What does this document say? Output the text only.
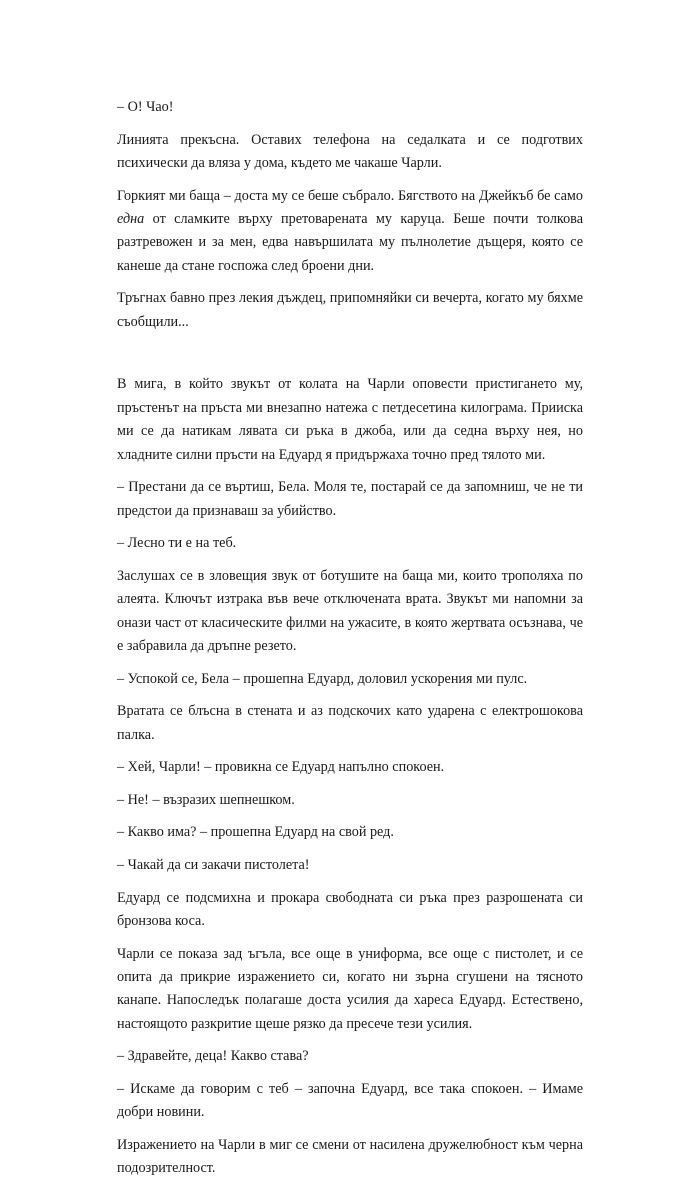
– О! Чао!

Линията прекъсна. Оставих телефона на седалката и се подготвих психически да вляза у дома, където ме чакаше Чарли.

Горкият ми баща – доста му се беше събрало. Бягството на Джейкъб бе само една от сламките върху претоварената му каруца. Беше почти толкова разтревожен и за мен, едва навършилата му пълнолетие дъщеря, която се канеше да стане госпожа след броени дни.

Тръгнах бавно през лекия дъждец, припомняйки си вечерта, когато му бяхме съобщили...

В мига, в който звукът от колата на Чарли оповести пристигането му, пръстенът на пръста ми внезапно натежа с петдесетина килограма. Прииска ми се да натикам лявата си ръка в джоба, или да седна върху нея, но хладните силни пръсти на Едуард я придържаха точно пред тялото ми.

– Престани да се въртиш, Бела. Моля те, постарай се да запомниш, че не ти предстои да признаваш за убийство.

– Лесно ти е на теб.

Заслушах се в зловещия звук от ботушите на баща ми, които трополяха по алеята. Ключът изтрака във вече отключената врата. Звукът ми напомни за онази част от класическите филми на ужасите, в която жертвата осъзнава, че е забравила да дръпне резето.

– Успокой се, Бела – прошепна Едуард, доловил ускорения ми пулс.

Вратата се блъсна в стената и аз подскочих като ударена с електрошокова палка.

– Хей, Чарли! – провикна се Едуард напълно спокоен.

– Не! – възразих шепнешком.

– Какво има? – прошепна Едуард на свой ред.

– Чакай да си закачи пистолета!

Едуард се подсмихна и прокара свободната си ръка през разрошената си бронзова коса.

Чарли се показа зад ъгъла, все още в униформа, все още с пистолет, и се опита да прикрие изражението си, когато ни зърна сгушени на тясното канапе. Напоследък полагаше доста усилия да хареса Едуард. Естествено, настоящото разкритие щеше рязко да пресече тези усилия.

– Здравейте, деца! Какво става?

– Искаме да говорим с теб – започна Едуард, все така спокоен. – Имаме добри новини.

Изражението на Чарли в миг се смени от насилена дружелюбност към черна подозрителност.
